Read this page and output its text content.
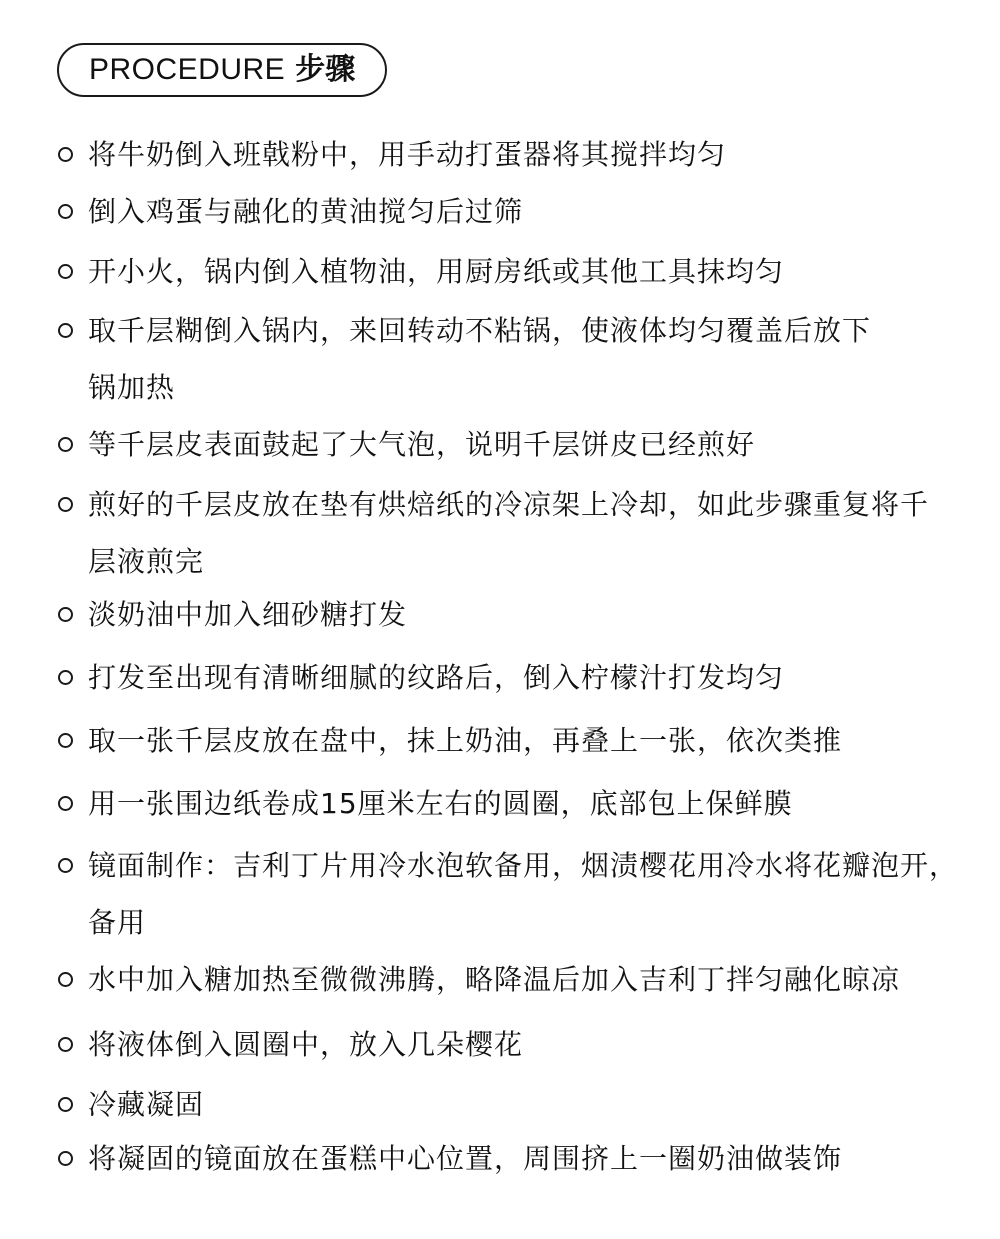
PROCEDURE 步骤
将牛奶倒入班戟粉中，用手动打蛋器将其搅拌均匀
倒入鸡蛋与融化的黄油搅匀后过筛
开小火，锅内倒入植物油，用厨房纸或其他工具抹均匀
取千层糊倒入锅内，来回转动不粘锅，使液体均匀覆盖后放下锅加热
等千层皮表面鼓起了大气泡，说明千层饼皮已经煎好
煎好的千层皮放在垫有烘焙纸的冷凉架上冷却，如此步骤重复将千层液煎完
淡奶油中加入细砂糖打发
打发至出现有清晰细腻的纹路后，倒入柠檬汁打发均匀
取一张千层皮放在盘中，抹上奶油，再叠上一张，依次类推
用一张围边纸卷成15厘米左右的圆圈，底部包上保鲜膜
镜面制作：吉利丁片用冷水泡软备用，烟渍樱花用冷水将花瓣泡开，备用
水中加入糖加热至微微沸腾，略降温后加入吉利丁拌匀融化晾凉
将液体倒入圆圈中，放入几朵樱花
冷藏凝固
将凝固的镜面放在蛋糕中心位置，周围挤上一圈奶油做装饰
